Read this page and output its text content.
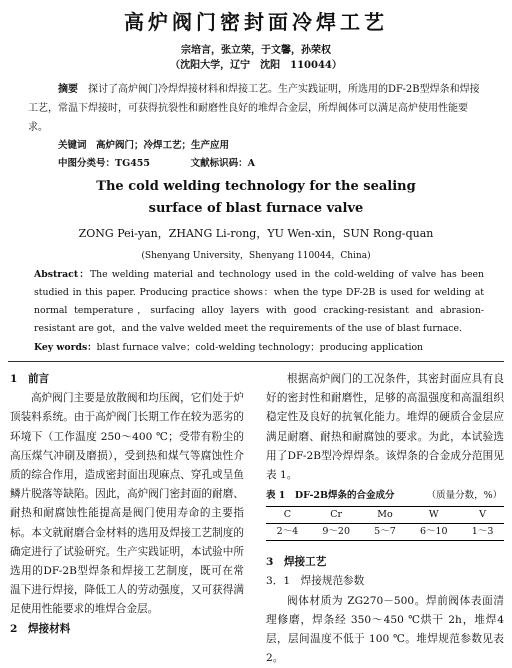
高炉阀门密封面冷焊工艺
宗培言，张立荣，于文馨，孙荣权
（沈阳大学，辽宁　沈阳　110044）
摘要　 探讨了高炉阀门冷焊焊接材料和焊接工艺。生产实践证明，所选用的DF-2B型焊条和焊接工艺，常温下焊接时，可获得抗裂性和耐磨性良好的堆焊合金层，所焊阀体可以满足高炉使用性能要求。
关键词　 高炉阀门；冷焊工艺；生产应用
中图分类号：TG455	文献标识码：A
The cold welding technology for the sealing
surface of blast furnace valve
ZONG Pei-yan，ZHANG Li-rong，YU Wen-xin，SUN Rong-quan
(Shenyang University，Shenyang 110044，China)
Abstract：The welding material and technology used in the cold-welding of valve has been studied in this paper. Producing practice shows：when the type DF-2B is used for welding at normal temperature，surfacing alloy layers with good cracking-resistant and abrasion-resistant are got，and the valve welded meet the requirements of the use of blast furnace.
Key words：blast furnace valve；cold-welding technology；producing application
1　前言

高炉阀门主要是放散阀和均压阀，它们处于炉顶装料系统。由于高炉阀门长期工作在较为恶劣的环境下（工作温度 250～400 ℃；受带有粉尘的高压煤气冲刷及磨损），受到热和煤气等腐蚀性介质的综合作用，造成密封面出现麻点、穿孔或呈鱼鳞片脱落等缺陷。因此，高炉阀门密封面的耐磨、耐热和耐腐蚀性能提高是阀门使用寿命的主要指标。本文就耐磨合金材料的选用及焊接工艺制度的确定进行了试验研究。生产实践证明，本试验中所选用的DF-2B型焊条和焊接工艺制度，既可在常温下进行焊接，降低工人的劳动强度，又可获得满足使用性能要求的堆焊合金层。

2　焊接材料

根据高炉阀门的工况条件，其密封面应具有良好的密封性和耐磨性，足够的高温强度和高温组织稳定性及良好的抗氧化能力。堆焊的硬质合金层应满足耐磨、耐热和耐腐蚀的要求。为此，本试验选用了DF-2B型冷焊焊条。该焊条的合金成分范围见表 1。

表 1　DF-2B焊条的合金成分	（质量分数，%）
C	Cr	Mo	W	V
2～4	9～20	5～7	6～10	1～3
3　焊接工艺
3．1　焊接规范参数

阀体材质为 ZG270－500。焊前阀体表面清理修磨，焊条经 350～450 ℃烘干 2h，堆焊4层，层间温度不低于 100 ℃。堆焊规范参数见表 2。
